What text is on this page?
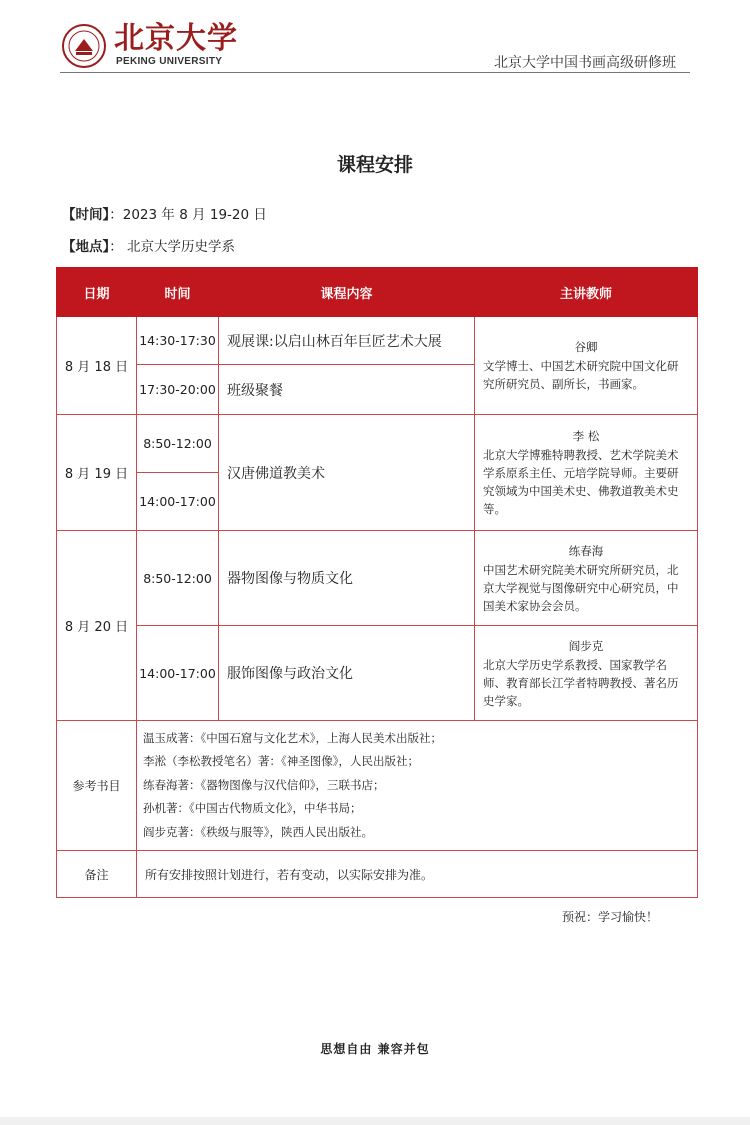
北京大学
PEKING UNIVERSITY	北京大学中国书画高级研修班
课程安排
【时间】：2023 年 8 月 19-20 日
【地点】： 北京大学历史学系
日期	时间	课程内容	主讲教师
8 月 18 日	14:30-17:30	观展课:以启山林百年巨匠艺术大展	谷卿
文学博士、中国艺术研究院中国文化研究所研究员、副所长，书画家。

	17:30-20:00	班级聚餐	
8 月 19 日	8:50-12:00	汉唐佛道教美术	李 松
北京大学博雅特聘教授、艺术学院美术学系原系主任、元培学院导师。主要研究领域为中国美术史、佛教道教美术史等。

	14:00-17:00		
8 月 20 日	8:50-12:00	器物图像与物质文化	练春海
中国艺术研究院美术研究所研究员，北京大学视觉与图像研究中心研究员，中国美术家协会会员。

	14:00-17:00	服饰图像与政治文化	阎步克
北京大学历史学系教授、国家教学名师、教育部长江学者特聘教授、著名历史学家。

参考书目	温玉成著：《中国石窟与文化艺术》，上海人民美术出版社；
李淞（李松教授笔名）著：《神圣图像》，人民出版社；
练春海著：《器物图像与汉代信仰》，三联书店；
孙机著：《中国古代物质文化》，中华书局；
阎步克著：《秩级与服等》，陕西人民出版社。		

备注	所有安排按照计划进行，若有变动，以实际安排为准。		
预祝：学习愉快！
思想自由 兼容并包
